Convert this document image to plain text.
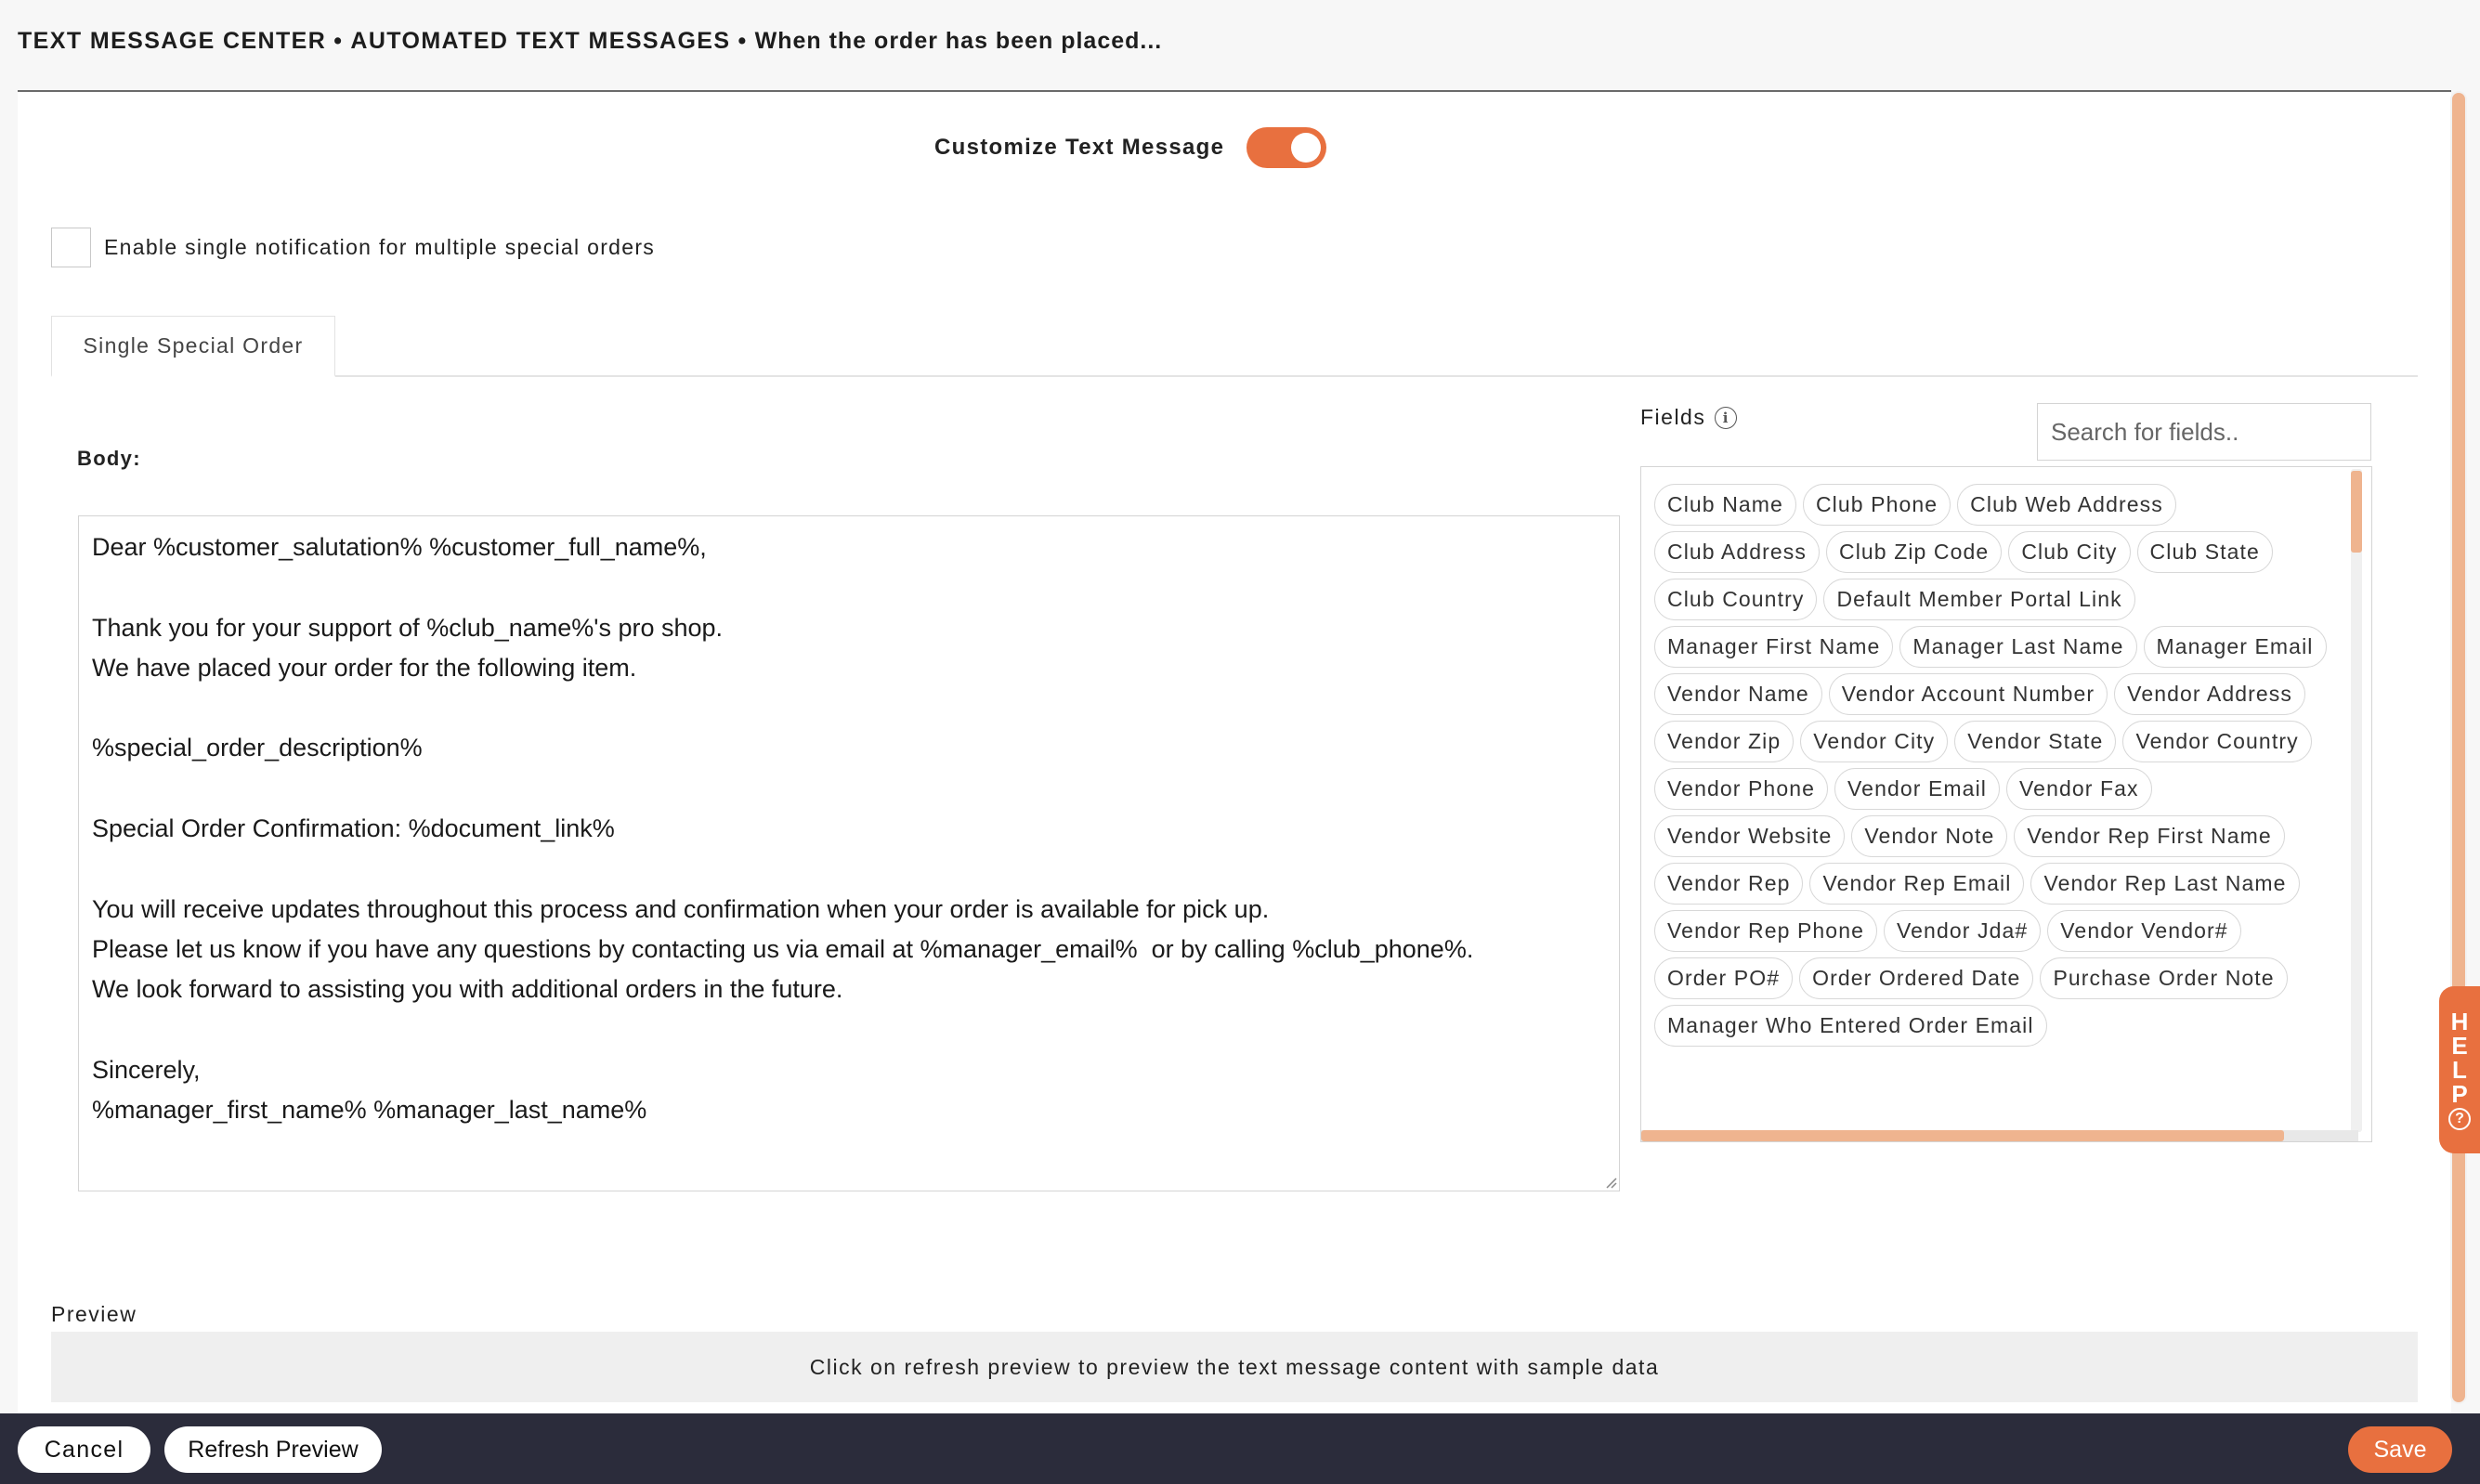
TEXT MESSAGE CENTER • AUTOMATED TEXT MESSAGES • When the order has been placed...
Customize Text Message
Enable single notification for multiple special orders
Single Special Order
Body:
Dear %customer_salutation% %customer_full_name%,

Thank you for your support of %club_name%'s pro shop.
We have placed your order for the following item.

%special_order_description%

Special Order Confirmation: %document_link%

You will receive updates throughout this process and confirmation when your order is available for pick up.
Please let us know if you have any questions by contacting us via email at %manager_email%  or by calling %club_phone%.
We look forward to assisting you with additional orders in the future.

Sincerely,
%manager_first_name% %manager_last_name%
Fields	i
Search for fields..
Club Name	Club Phone	Club Web Address
Club Address	Club Zip Code	Club City	Club State
Club Country	Default Member Portal Link
Manager First Name	Manager Last Name	Manager Email
Vendor Name	Vendor Account Number	Vendor Address
Vendor Zip	Vendor City	Vendor State	Vendor Country
Vendor Phone	Vendor Email	Vendor Fax
Vendor Website	Vendor Note	Vendor Rep First Name
Vendor Rep	Vendor Rep Email	Vendor Rep Last Name
Vendor Rep Phone	Vendor Jda#	Vendor Vendor#
Order PO#	Order Ordered Date	Purchase Order Note
Manager Who Entered Order Email	H
E
L
P
?
Preview
Click on refresh preview to preview the text message content with sample data
Cancel	Refresh Preview	Save
